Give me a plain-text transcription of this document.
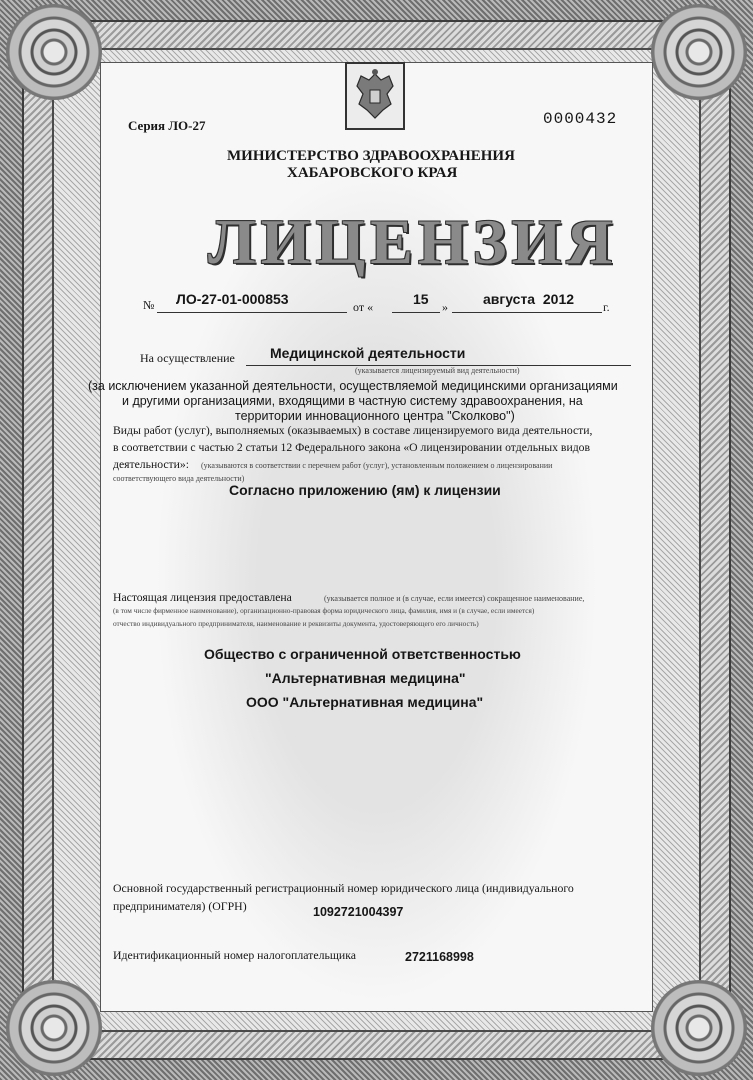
Серия ЛО-27	0000432
МИНИСТЕРСТВО ЗДРАВООХРАНЕНИЯ
ХАБАРОВСКОГО КРАЯ
ЛИЦЕНЗИЯ
№ ЛО-27-01-000853	от «	15 »	августа  2012 г.
На осуществление	Медицинской деятельности
(указывается лицензируемый вид деятельности)
(за исключением указанной деятельности, осуществляемой медицинскими организациями
и другими организациями, входящими в частную систему здравоохранения, на
территории инновационного центра "Сколково")
Виды работ (услуг), выполняемых (оказываемых) в составе лицензируемого вида деятельности,
в соответствии с частью 2 статьи 12 Федерального закона «О лицензировании отдельных видов
деятельности»: (указываются в соответствии с перечнем работ (услуг), установленным положением о лицензировании
соответствующего вида деятельности)
Согласно приложению (ям) к лицензии
Настоящая лицензия предоставлена	(указывается полное и (в случае, если имеется) сокращенное наименование,
(в том числе фирменное наименование), организационно-правовая форма юридического лица, фамилия, имя и (в случае, если имеется)
отчество индивидуального предпринимателя, наименование и реквизиты документа, удостоверяющего его личность)
Общество с ограниченной ответственностью
"Альтернативная медицина"
ООО "Альтернативная медицина"
Основной государственный регистрационный номер юридического лица (индивидуального
предпринимателя) (ОГРН)	1092721004397
Идентификационный номер налогоплательщика	2721168998
